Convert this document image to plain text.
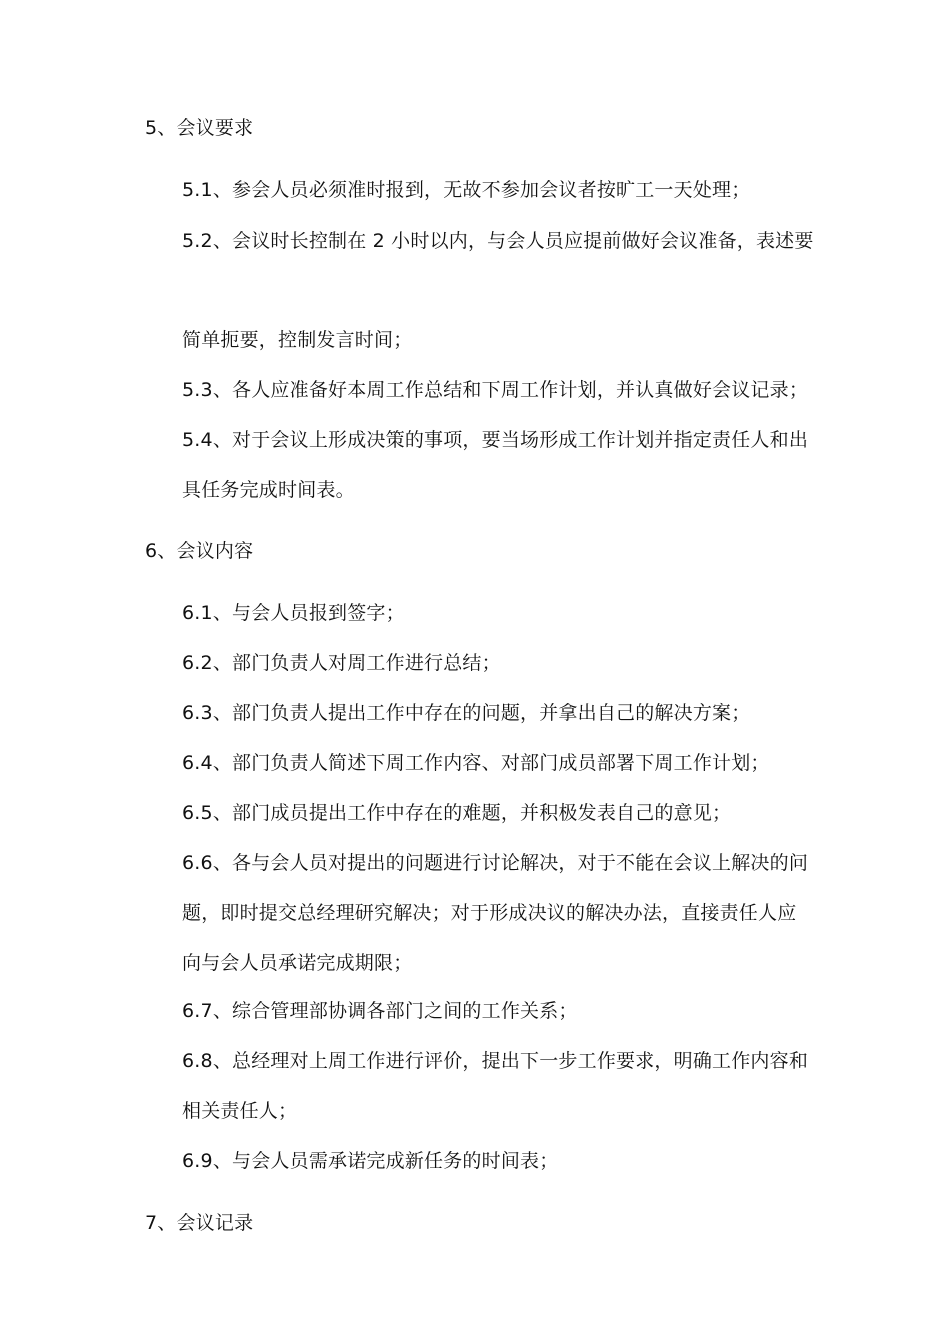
5、会议要求
5.1、参会人员必须准时报到，无故不参加会议者按旷工一天处理；
5.2、会议时长控制在 2 小时以内，与会人员应提前做好会议准备，表述要
简单扼要，控制发言时间；
5.3、各人应准备好本周工作总结和下周工作计划，并认真做好会议记录；
5.4、对于会议上形成决策的事项，要当场形成工作计划并指定责任人和出
具任务完成时间表。
6、会议内容
6.1、与会人员报到签字；
6.2、部门负责人对周工作进行总结；
6.3、部门负责人提出工作中存在的问题，并拿出自己的解决方案；
6.4、部门负责人简述下周工作内容、对部门成员部署下周工作计划；
6.5、部门成员提出工作中存在的难题，并积极发表自己的意见；
6.6、各与会人员对提出的问题进行讨论解决，对于不能在会议上解决的问
题，即时提交总经理研究解决；对于形成决议的解决办法，直接责任人应
向与会人员承诺完成期限；
6.7、综合管理部协调各部门之间的工作关系；
6.8、总经理对上周工作进行评价，提出下一步工作要求，明确工作内容和
相关责任人；
6.9、与会人员需承诺完成新任务的时间表；
7、会议记录
